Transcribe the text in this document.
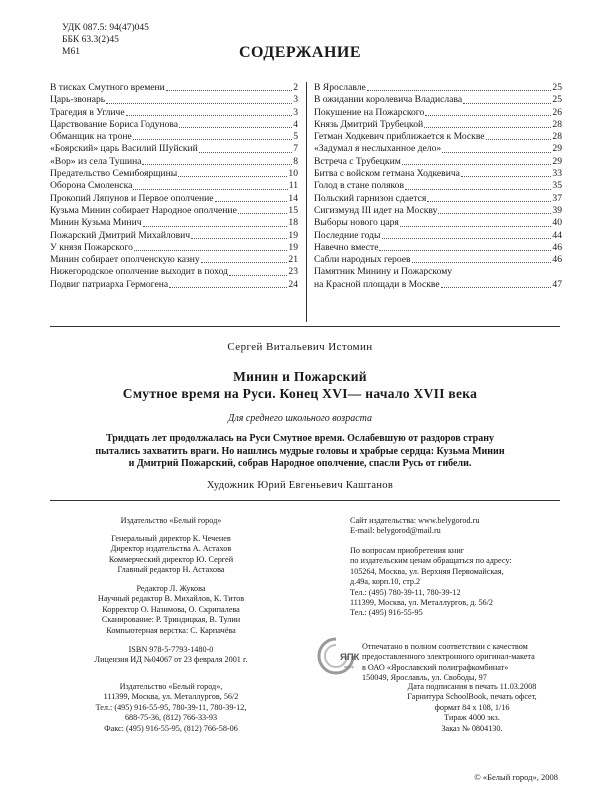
УДК 087.5: 94(47)045
ББК 63.3(2)45
М61	СОДЕРЖАНИЕ
В тисках Смутного времени	2
Царь-звонарь	3
Трагедия в Угличе	3
Царствование Бориса Годунова	4
Обманщик на троне	5
«Боярский» царь Василий Шуйский	7
«Вор» из села Тушина	8
Предательство Семибоярщины	10
Оборона Смоленска	11
Прокопий Ляпунов и Первое ополчение	14
Кузьма Минин собирает Народное ополчение	15
Минин Кузьма Минич	18
Пожарский Дмитрий Михайлович	19
У князя Пожарского	19
Минин собирает ополченскую казну	21
Нижегородское ополчение выходит в поход	23
Подвиг патриарха Гермогена	24
В Ярославле	25
В ожидании королевича Владислава	25
Покушение на Пожарского	26
Князь Дмитрий Трубецкой	28
Гетман Ходкевич приближается к Москве	28
«Задумал я неслыханное дело»	29
Встреча с Трубецким	29
Битва с войском гетмана Ходкевича	33
Голод в стане поляков	35
Польский гарнизон сдается	37
Сигизмунд III идет на Москву	39
Выборы нового царя	40
Последние годы	44
Навечно вместе	46
Сабли народных героев	46
Памятник Минину и Пожарскому
на Красной площади в Москве	47
Сергей Витальевич Истомин
Минин и Пожарский
Смутное время на Руси. Конец XVI— начало XVII века
Для среднего школьного возраста
Тридцать лет продолжалась на Руси Смутное время. Ослабевшую от раздоров страну
пытались захватить враги. Но нашлись мудрые головы и храбрые сердца: Кузьма Минин
и Дмитрий Пожарский, собрав Народное ополчение, спасли Русь от гибели.
Художник Юрий Евгеньевич Каштанов
Издательство «Белый город»
Генеральный директор К. Чеченев
Директор издательства А. Астахов
Коммерческий директор Ю. Сергей
Главный редактор Н. Астахова
Редактор Л. Жукова
Научный редактор В. Михайлов, К. Титов
Корректор О. Назимова, О. Скрипалева
Сканирование: Р. Триндицкая, В. Тулин
Компьютерная верстка: С. Карпачёва
ISBN 978-5-7793-1480-0
Лицензия ИД №04067 от 23 февраля 2001 г.
Издательство «Белый город»,
111399, Москва, ул. Металлургов, 56/2
Тел.: (495) 916-55-95, 780-39-11, 780-39-12,
688-75-36, (812) 766-33-93
Факс: (495) 916-55-95, (812) 766-58-06
Сайт издательства: www.belygorod.ru
E-mail: belygorod@mail.ru
По вопросам приобретения книг
по издательским ценам обращаться по адресу:
105264, Москва, ул. Верхняя Первомайская,
д.49а, корп.10, стр.2
Тел.: (495) 780-39-11, 780-39-12
111399, Москва, ул. Металлургов, д. 56/2
Тел.: (495) 916-55-95
ЯПК
ярпф
Отпечатано в полном соответствии с качеством
предоставленного электронного оригинал-макета
в ОАО «Ярославский полиграфкомбинат»
150049, Ярославль, ул. Свободы, 97
Дата подписания в печать 11.03.2008
Гарнитура SchoolBook, печать офсет,
формат 84 х 108, 1/16
Тираж 4000 экз.
Заказ № 0804130.
© «Белый город», 2008
